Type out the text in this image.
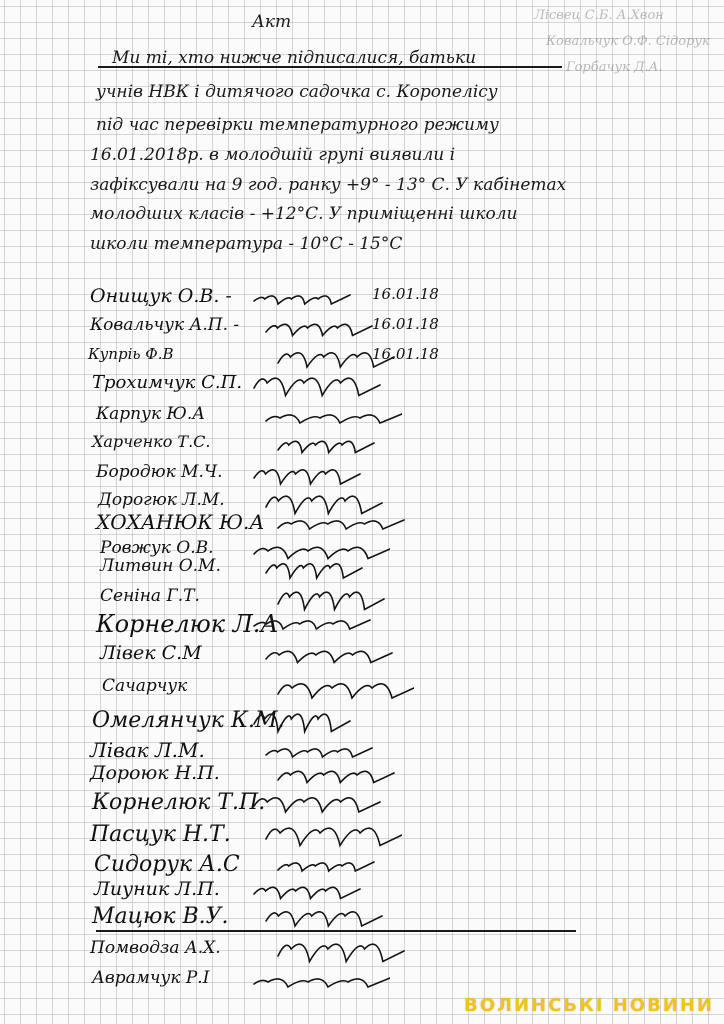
Лісвец С.Б. А.Хвон
Ковальчук О.Ф. Сідорук
Горбачук Д.А.
Акт
Ми ті, хто нижче підписалися, батьки
учнів НВК і дитячого садочка с. Коропелісу
під час перевірки температурного режиму
16.01.2018р. в молодшій групі виявили і
зафіксували на 9 год. ранку +9° - 13° С. У кабінетах
молодших класів - +12°С. У приміщенні школи
школи температура - 10°С - 15°С
Онищук О.В. -	16.01.18
Ковальчук А.П. -	16.01.18
Купріь Ф.В	16.01.18
Трохимчук С.П.
Карпук Ю.А
Харченко Т.С.
Бородюк М.Ч.
Дорогюк Л.М.
ХОХАНЮК Ю.А
Ровжук О.В.
Литвин О.М.
Сеніна Г.Т.
Корнелюк Л.А
Лівек С.М
Сачарчук
Омелянчук К.М.
Лівак Л.М.
Дороюк Н.П.
Корнелюк Т.П.
Пасцук Н.Т.
Сидорук А.С
Лиуник Л.П.
Мацюк В.У.
Помводза А.Х.
Аврамчук Р.І
ВОЛИНСЬКІ НОВИНИ
